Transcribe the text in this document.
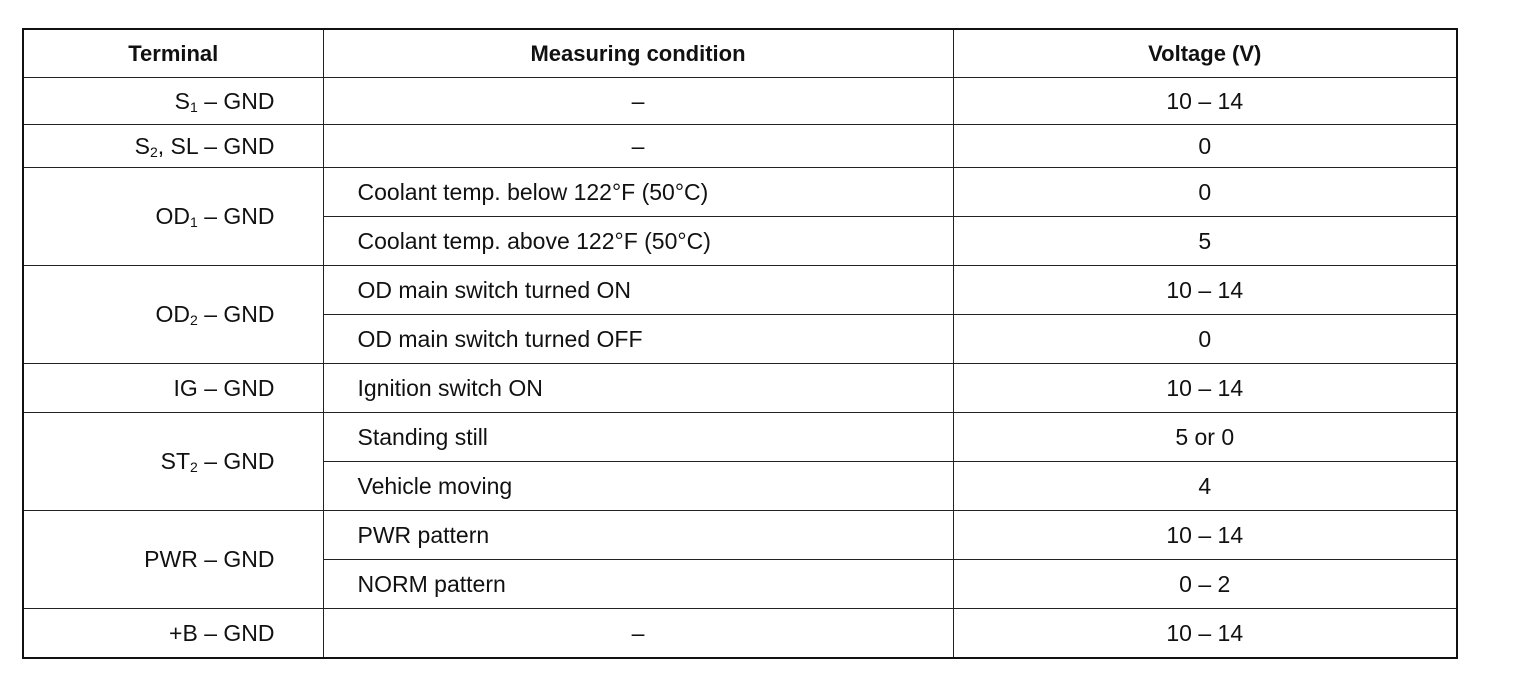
Terminal	Measuring condition	Voltage (V)
$S_1$ – GND	–	10 – 14
$S_2$, SL – GND	–	0
$OD_1$ – GND	Coolant temp. below 122°F (50°C)	0
	Coolant temp. above 122°F (50°C)	5
$OD_2$ – GND	OD main switch turned ON	10 – 14
	OD main switch turned OFF	0
IG – GND	Ignition switch ON	10 – 14
$ST_2$ – GND	Standing still	5 or 0
	Vehicle moving	4
PWR – GND	PWR pattern	10 – 14
	NORM pattern	0 – 2
+B – GND	–	10 – 14
